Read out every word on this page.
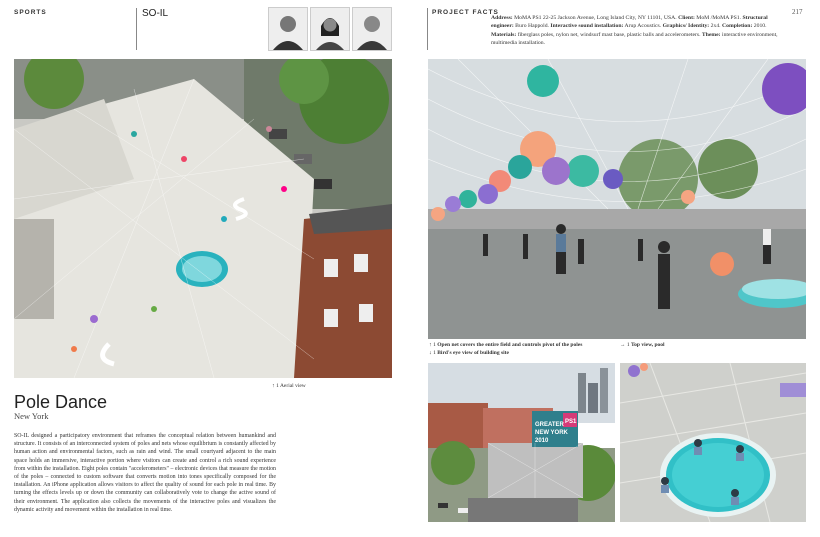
SPORTS	SO-IL	PROJECT FACTS
Address: MoMA PS1 22-25 Jackson Avenue, Long Island City, NY 11101, USA. Client: MoM /MoMA PS1. Structural engineer: Buro Happold. Interactive sound installation: Arup Acoustics. Graphics/ Identity: 2x4. Completion: 2010. Materials: fiberglass poles, nylon net, windsurf mast base, plastic balls and accelerometers. Theme: interactive environment, multimedia installation.
217
↑ 1 Aerial view
Pole Dance
New York
SO-IL designed a participatory environment that reframes the conceptual relation between humankind and structure. It consists of an interconnected system of poles and nets whose equilibrium is constantly affected by human action and environmental factors, such as rain and wind. The small courtyard adjacent to the main space holds an immersive, interactive portion where visitors can create and control a rich sound experience from within the installation. Eight poles contain "accelerometers" – electronic devices that measure the motion of the poles – connected to custom software that converts motion into tones specifically composed for the installation. An iPhone application allows visitors to affect the quality of sound for each pole in real time. By turning the effects levels up or down the community can collaboratively vote to change the active sound of their environment. The application also collects the movements of the interactive poles and visualizes the dynamic activity and movement within the installation in real time.
↑ 1 Open net covers the entire field and controls pivot of the poles	→ 1 Top view, pool
↓ 1 Bird's eye view of building site
PS1
GREATER
NEW YORK
2010
